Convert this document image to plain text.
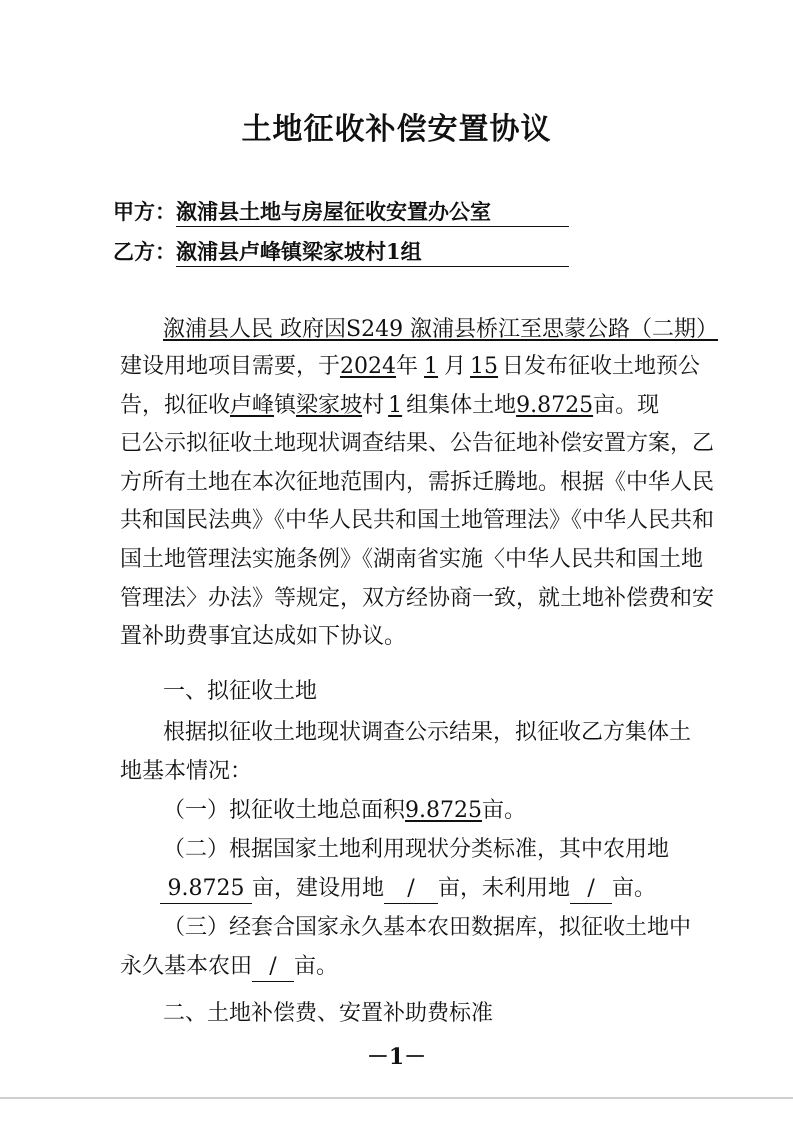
土地征收补偿安置协议
甲方：溆浦县土地与房屋征收安置办公室
乙方：溆浦县卢峰镇梁家坡村1组
溆浦县人民 政府因S249 溆浦县桥江至思蒙公路（二期）
建设用地项目需要，于2024年 1 月 15 日发布征收土地预公
告，拟征收卢峰镇梁家坡村 1 组集体土地9.8725亩。现
已公示拟征收土地现状调查结果、公告征地补偿安置方案，乙
方所有土地在本次征地范围内，需拆迁腾地。根据《中华人民
共和国民法典》《中华人民共和国土地管理法》《中华人民共和
国土地管理法实施条例》《湖南省实施〈中华人民共和国土地
管理法〉办法》等规定，双方经协商一致，就土地补偿费和安
置补助费事宜达成如下协议。
一、拟征收土地
根据拟征收土地现状调查公示结果，拟征收乙方集体土
地基本情况：
（一）拟征收土地总面积9.8725亩。
（二）根据国家土地利用现状分类标准，其中农用地
9.8725 亩，建设用地 / 亩，未利用地 / 亩。
（三）经套合国家永久基本农田数据库，拟征收土地中
永久基本农田 / 亩。
二、土地补偿费、安置补助费标准
－1－
